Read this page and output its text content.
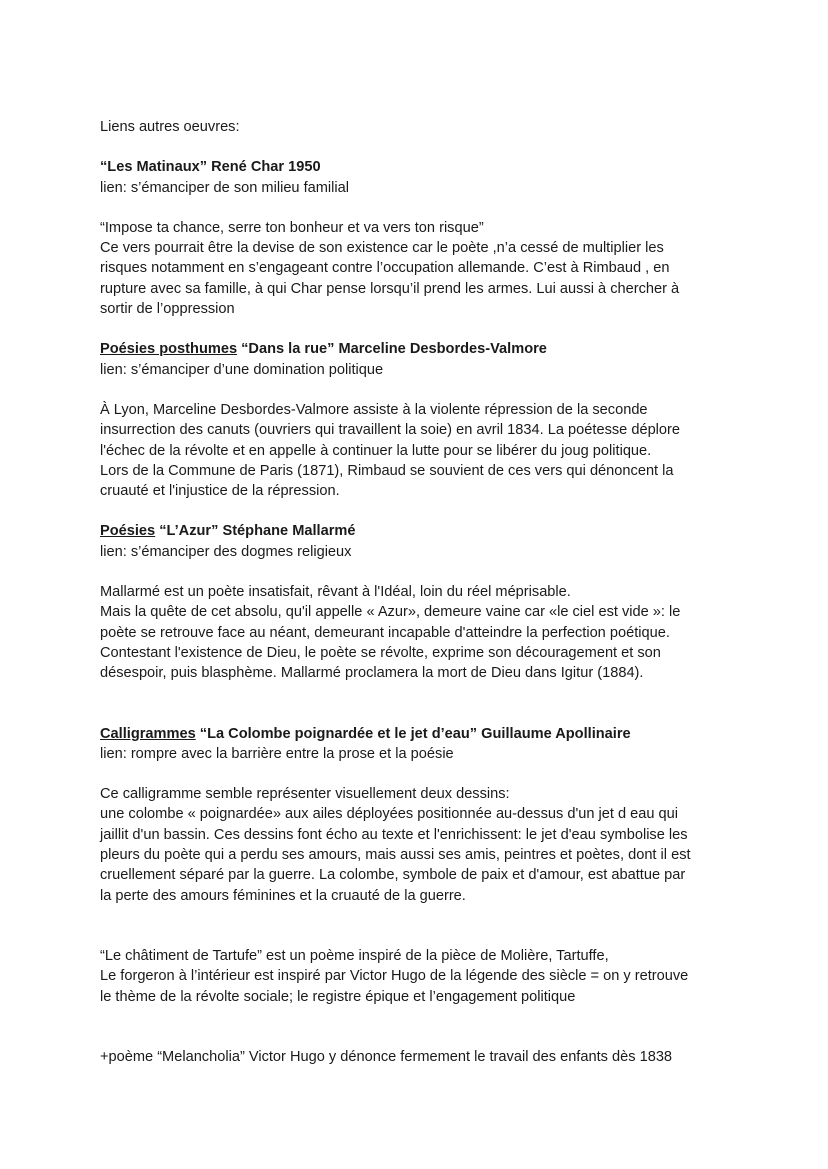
Liens autres oeuvres:
“Les Matinaux” René Char 1950
lien: s’émanciper de son milieu familial
“Impose ta chance, serre ton bonheur et va vers ton risque”
Ce vers pourrait être la devise de son existence car le poète ,n’a cessé de multiplier les
risques notamment en s’engageant contre l’occupation allemande. C’est à Rimbaud , en
rupture avec sa famille, à qui Char pense lorsqu’il prend les armes. Lui aussi à chercher à
sortir de l’oppression
Poésies posthumes “Dans la rue” Marceline Desbordes-Valmore
lien: s’émanciper d’une domination politique
À Lyon, Marceline Desbordes-Valmore assiste à la violente répression de la seconde
insurrection des canuts (ouvriers qui travaillent la soie) en avril 1834. La poétesse déplore
l'échec de la révolte et en appelle à continuer la lutte pour se libérer du joug politique.
Lors de la Commune de Paris (1871), Rimbaud se souvient de ces vers qui dénoncent la
cruauté et l'injustice de la répression.
Poésies “L’Azur” Stéphane Mallarmé
lien: s’émanciper des dogmes religieux
Mallarmé est un poète insatisfait, rêvant à l'Idéal, loin du réel méprisable.
Mais la quête de cet absolu, qu'il appelle « Azur», demeure vaine car «le ciel est vide »: le
poète se retrouve face au néant, demeurant incapable d'atteindre la perfection poétique.
Contestant l'existence de Dieu, le poète se révolte, exprime son découragement et son
désespoir, puis blasphème. Mallarmé proclamera la mort de Dieu dans Igitur (1884).
Calligrammes “La Colombe poignardée et le jet d’eau” Guillaume Apollinaire
lien: rompre avec la barrière entre la prose et la poésie
Ce calligramme semble représenter visuellement deux dessins:
une colombe « poignardée» aux ailes déployées positionnée au-dessus d'un jet d eau qui
jaillit d'un bassin. Ces dessins font écho au texte et l'enrichissent: le jet d'eau symbolise les
pleurs du poète qui a perdu ses amours, mais aussi ses amis, peintres et poètes, dont il est
cruellement séparé par la guerre. La colombe, symbole de paix et d'amour, est abattue par
la perte des amours féminines et la cruauté de la guerre.
“Le châtiment de Tartufe” est un poème inspiré de la pièce de Molière, Tartuffe,
Le forgeron à l’intérieur est inspiré par Victor Hugo de la légende des siècle = on y retrouve
le thème de la révolte sociale; le registre épique et l’engagement politique
+poème “Melancholia” Victor Hugo y dénonce fermement le travail des enfants dès 1838
